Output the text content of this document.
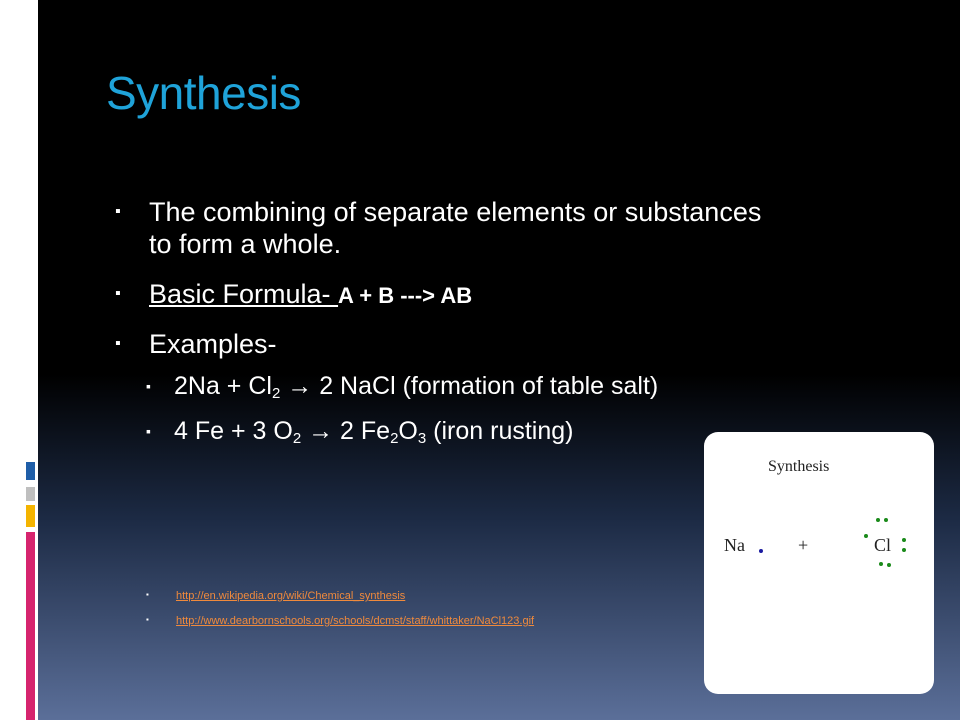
Synthesis
▪ The combining of separate elements or substances to form a whole.
▪ Basic Formula- A + B ---> AB
▪ Examples-
▪ $2Na + Cl_2 \to 2$ NaCl (formation of table salt)
▪ 4 Fe + 3 $O_2 \to 2$ $Fe_2O_3$ (iron rusting)
▪ http://en.wikipedia.org/wiki/Chemical_synthesis
▪ http://www.dearbornschools.org/schools/dcmst/staff/whittaker/NaCl123.gif
Synthesis
Na	+	Cl
